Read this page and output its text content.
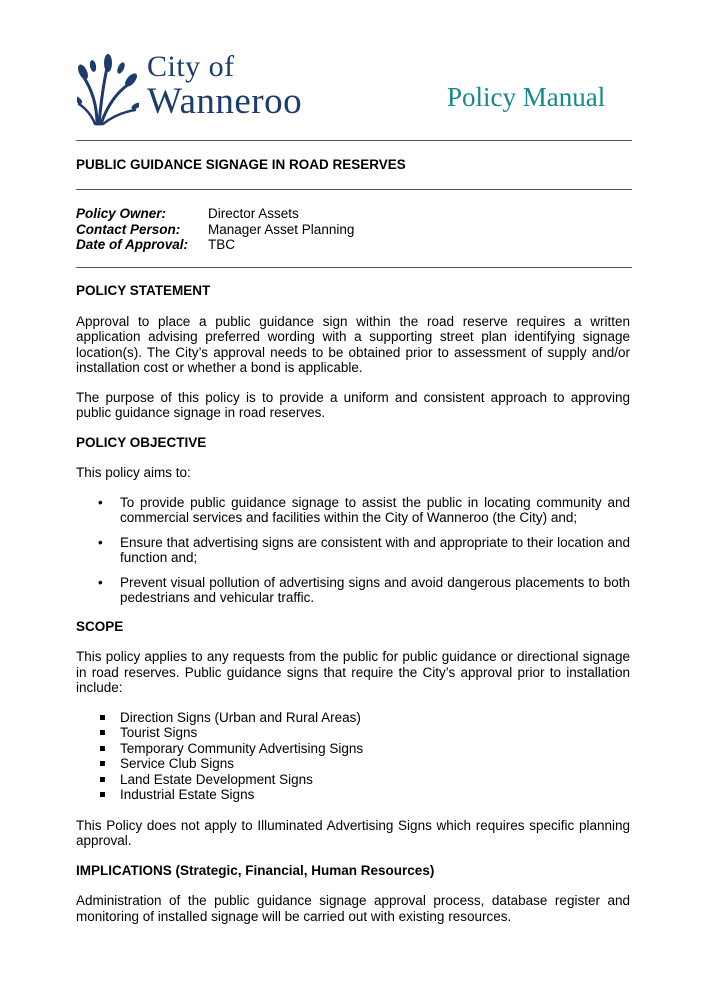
City of
Wanneroo	Policy Manual
PUBLIC GUIDANCE SIGNAGE IN ROAD RESERVES
Policy Owner:	Director Assets
Contact Person:	Manager Asset Planning
Date of Approval:	TBC
POLICY STATEMENT

Approval to place a public guidance sign within the road reserve requires a written application advising preferred wording with a supporting street plan identifying signage location(s). The City’s approval needs to be obtained prior to assessment of supply and/or installation cost or whether a bond is applicable.

The purpose of this policy is to provide a uniform and consistent approach to approving public guidance signage in road reserves.

POLICY OBJECTIVE

This policy aims to:

• To provide public guidance signage to assist the public in locating community and commercial services and facilities within the City of Wanneroo (the City) and;
• Ensure that advertising signs are consistent with and appropriate to their location and function and;
• Prevent visual pollution of advertising signs and avoid dangerous placements to both pedestrians and vehicular traffic.
SCOPE

This policy applies to any requests from the public for public guidance or directional signage in road reserves. Public guidance signs that require the City’s approval prior to installation include:

Direction Signs (Urban and Rural Areas)
Tourist Signs
Temporary Community Advertising Signs
Service Club Signs
Land Estate Development Signs
Industrial Estate Signs

This Policy does not apply to Illuminated Advertising Signs which requires specific planning approval.

IMPLICATIONS (Strategic, Financial, Human Resources)

Administration of the public guidance signage approval process, database register and monitoring of installed signage will be carried out with existing resources.
